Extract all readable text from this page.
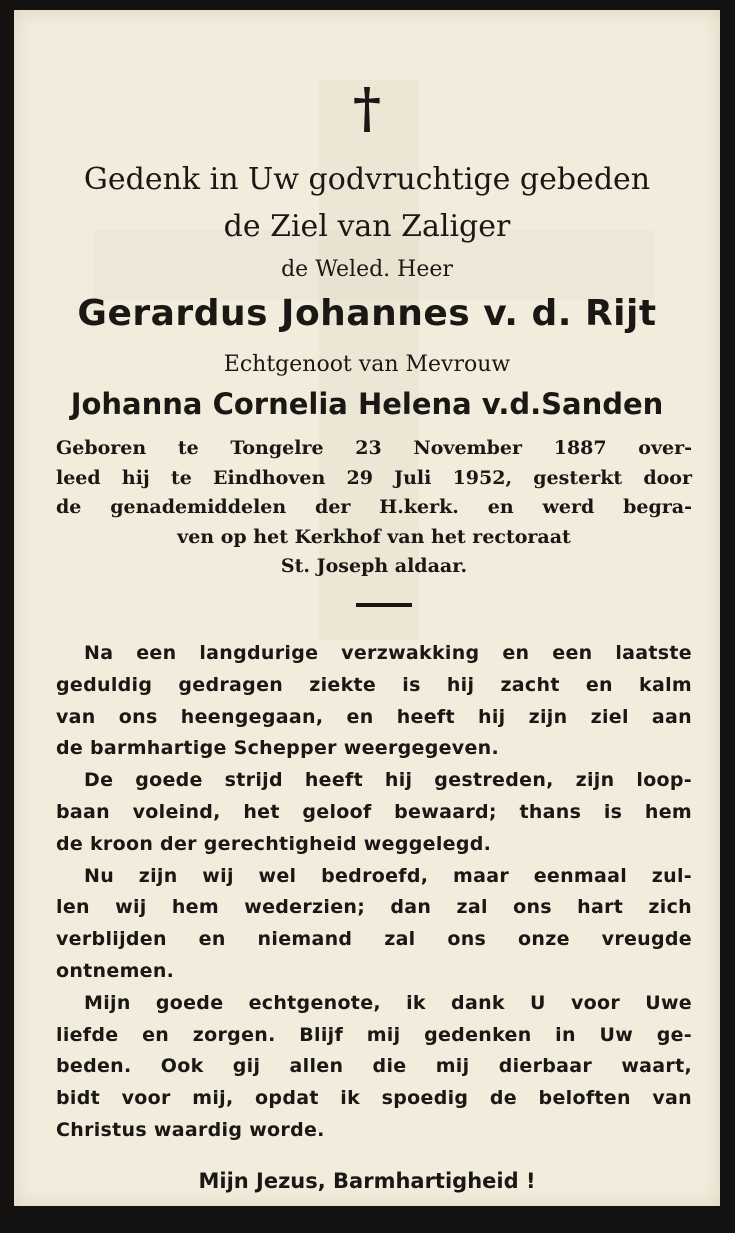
†
Gedenk in Uw godvruchtige gebeden
de Ziel van Zaliger
de Weled. Heer
Gerardus Johannes v. d. Rijt
Echtgenoot van Mevrouw
Johanna Cornelia Helena v.d.Sanden
Geboren te Tongelre 23 November 1887 over-
leed hij te Eindhoven 29 Juli 1952, gesterkt door
de genademiddelen der H.kerk. en werd begra-
ven op het Kerkhof van het rectoraat
St. Joseph aldaar.
Na een langdurige verzwakking en een laatste
geduldig gedragen ziekte is hij zacht en kalm
van ons heengegaan, en heeft hij zijn ziel aan
de barmhartige Schepper weergegeven.
De goede strijd heeft hij gestreden, zijn loop-
baan voleind, het geloof bewaard; thans is hem
de kroon der gerechtigheid weggelegd.
Nu zijn wij wel bedroefd, maar eenmaal zul-
len wij hem wederzien; dan zal ons hart zich
verblijden en niemand zal ons onze vreugde
ontnemen.
Mijn goede echtgenote, ik dank U voor Uwe
liefde en zorgen. Blijf mij gedenken in Uw ge-
beden. Ook gij allen die mij dierbaar waart,
bidt voor mij, opdat ik spoedig de beloften van
Christus waardig worde.
Mijn Jezus, Barmhartigheid !
